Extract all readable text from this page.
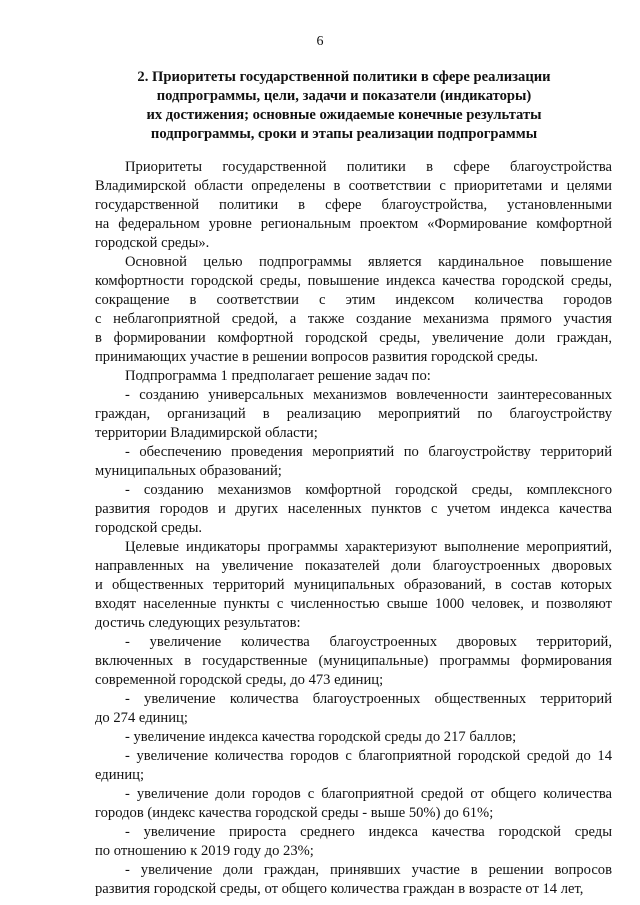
6
2. Приоритеты государственной политики в сфере реализации
подпрограммы, цели, задачи и показатели (индикаторы)
их достижения; основные ожидаемые конечные результаты
подпрограммы, сроки и этапы реализации подпрограммы
Приоритеты государственной политики в сфере благоустройства
Владимирской области определены в соответствии с приоритетами и целями
государственной политики в сфере благоустройства, установленными
на федеральном уровне региональным проектом «Формирование комфортной
городской среды».
Основной целью подпрограммы является кардинальное повышение
комфортности городской среды, повышение индекса качества городской среды,
сокращение в соответствии с этим индексом количества городов
с неблагоприятной средой, а также создание механизма прямого участия
в формировании комфортной городской среды, увеличение доли граждан,
принимающих участие в решении вопросов развития городской среды.
Подпрограмма 1 предполагает решение задач по:
- созданию универсальных механизмов вовлеченности заинтересованных
граждан, организаций в реализацию мероприятий по благоустройству
территории Владимирской области;
- обеспечению проведения мероприятий по благоустройству территорий
муниципальных образований;
- созданию механизмов комфортной городской среды, комплексного
развития городов и других населенных пунктов с учетом индекса качества
городской среды.
Целевые индикаторы программы характеризуют выполнение мероприятий,
направленных на увеличение показателей доли благоустроенных дворовых
и общественных территорий муниципальных образований, в состав которых
входят населенные пункты с численностью свыше 1000 человек, и позволяют
достичь следующих результатов:
- увеличение количества благоустроенных дворовых территорий,
включенных в государственные (муниципальные) программы формирования
современной городской среды, до 473 единиц;
- увеличение количества благоустроенных общественных территорий
до 274 единиц;
- увеличение индекса качества городской среды до 217 баллов;
- увеличение количества городов с благоприятной городской средой до 14
единиц;
- увеличение доли городов с благоприятной средой от общего количества
городов (индекс качества городской среды - выше 50%) до 61%;
- увеличение прироста среднего индекса качества городской среды
по отношению к 2019 году до 23%;
- увеличение доли граждан, принявших участие в решении вопросов
развития городской среды, от общего количества граждан в возрасте от 14 лет,
